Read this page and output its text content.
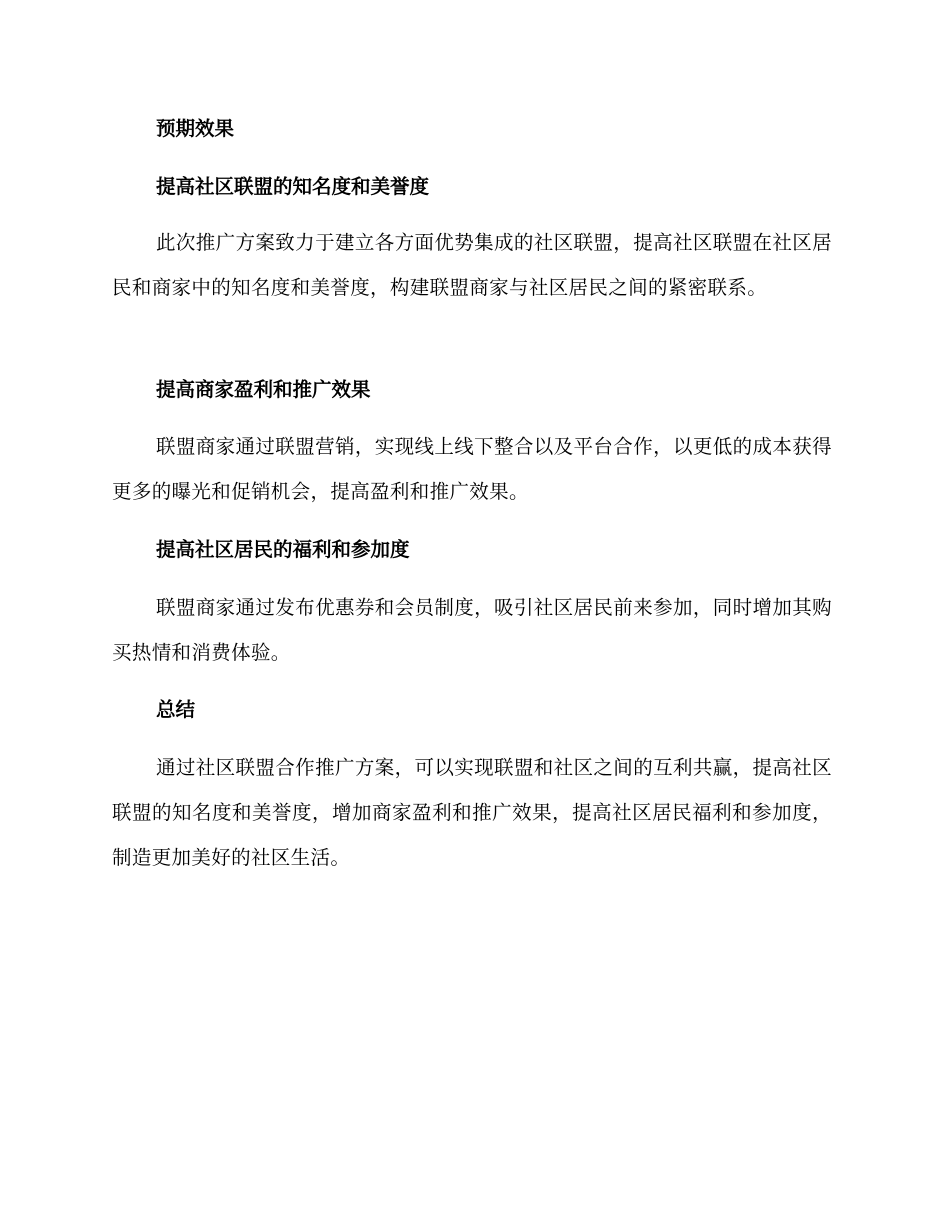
预期效果
提高社区联盟的知名度和美誉度

此次推广方案致力于建立各方面优势集成的社区联盟，提高社区联盟在社区居民和商家中的知名度和美誉度，构建联盟商家与社区居民之间的紧密联系。

提高商家盈利和推广效果

联盟商家通过联盟营销，实现线上线下整合以及平台合作，以更低的成本获得更多的曝光和促销机会，提高盈利和推广效果。

提高社区居民的福利和参加度

联盟商家通过发布优惠券和会员制度，吸引社区居民前来参加，同时增加其购买热情和消费体验。

总结

通过社区联盟合作推广方案，可以实现联盟和社区之间的互利共赢，提高社区联盟的知名度和美誉度，增加商家盈利和推广效果，提高社区居民福利和参加度，制造更加美好的社区生活。
